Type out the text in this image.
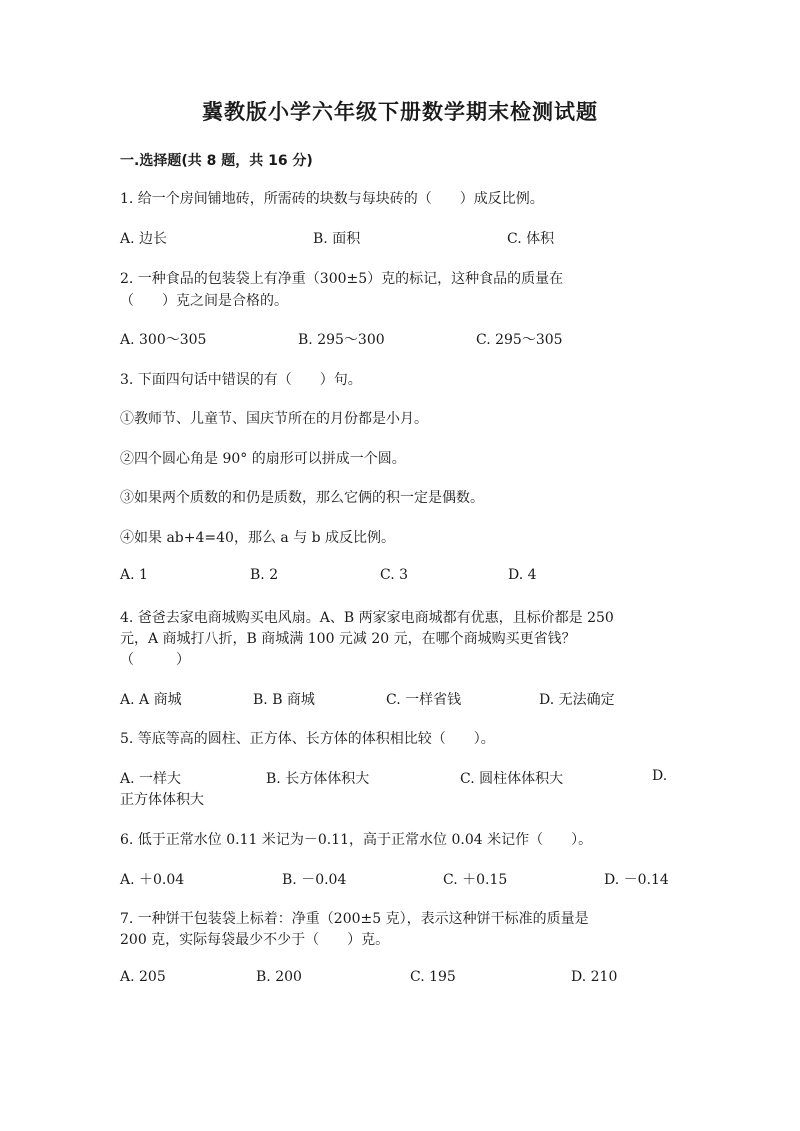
冀教版小学六年级下册数学期末检测试题
一.选择题(共 8 题，共 16 分)
1. 给一个房间铺地砖，所需砖的块数与每块砖的（　　）成反比例。
A. 边长	B. 面积	C. 体积
2. 一种食品的包装袋上有净重（300±5）克的标记，这种食品的质量在
（　　）克之间是合格的。
A. 300～305	B. 295～300	C. 295～305
3. 下面四句话中错误的有（　　）句。
①教师节、儿童节、国庆节所在的月份都是小月。
②四个圆心角是 90° 的扇形可以拼成一个圆。
③如果两个质数的和仍是质数，那么它俩的积一定是偶数。
④如果 ab+4=40，那么 a 与 b 成反比例。
A. 1	B. 2	C. 3	D. 4
4. 爸爸去家电商城购买电风扇。A、B 两家家电商城都有优惠，且标价都是 250
元，A 商城打八折，B 商城满 100 元减 20 元，在哪个商城购买更省钱？
（　　　）
A. A 商城	B. B 商城	C. 一样省钱	D. 无法确定
5. 等底等高的圆柱、正方体、长方体的体积相比较（　　）。
A. 一样大	B. 长方体体积大	C. 圆柱体体积大	D.
正方体体积大
6. 低于正常水位 0.11 米记为－0.11，高于正常水位 0.04 米记作（　　）。
A. ＋0.04	B. －0.04	C. ＋0.15	D. －0.14
7. 一种饼干包装袋上标着：净重（200±5 克），表示这种饼干标准的质量是
200 克，实际每袋最少不少于（　　）克。
A. 205	B. 200	C. 195	D. 210
